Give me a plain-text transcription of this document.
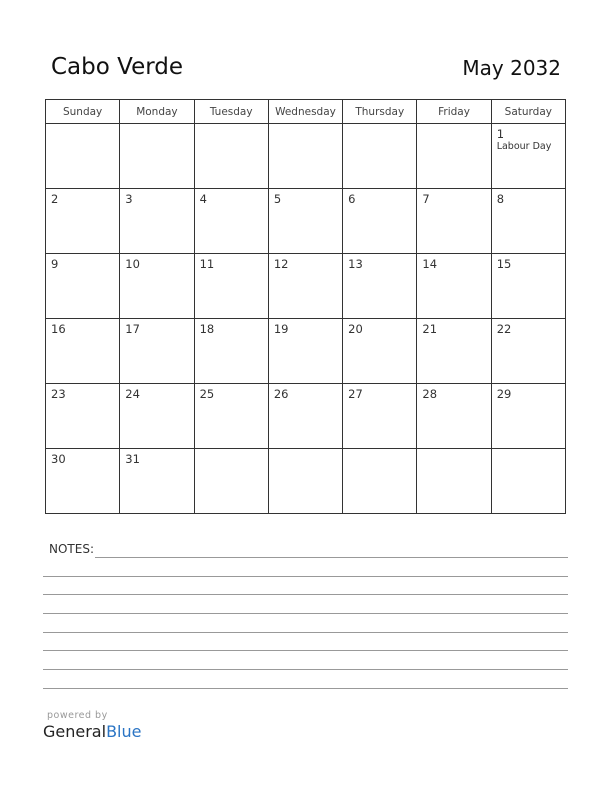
Cabo Verde	May 2032
Sunday	Monday	Tuesday	Wednesday	Thursday	Friday	Saturday

						1
Labour Day

2	3	4	5	6	7	8

9	10	11	12	13	14	15

16	17	18	19	20	21	22

23	24	25	26	27	28	29

30	31					

NOTES:
powered by
GeneralBlue
